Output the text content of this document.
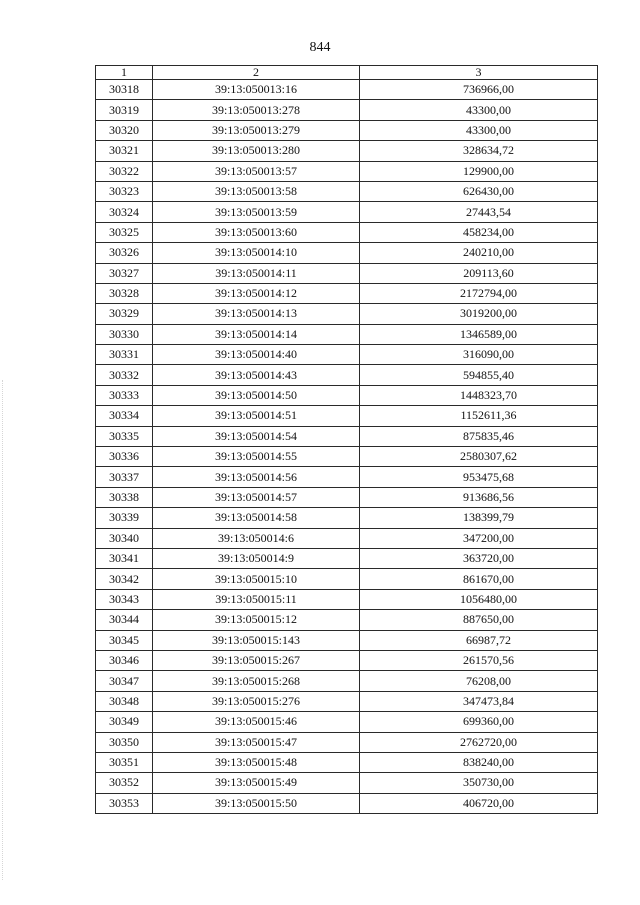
844
1	2	3
30318	39:13:050013:16	736966,00
30319	39:13:050013:278	43300,00
30320	39:13:050013:279	43300,00
30321	39:13:050013:280	328634,72
30322	39:13:050013:57	129900,00
30323	39:13:050013:58	626430,00
30324	39:13:050013:59	27443,54
30325	39:13:050013:60	458234,00
30326	39:13:050014:10	240210,00
30327	39:13:050014:11	209113,60
30328	39:13:050014:12	2172794,00
30329	39:13:050014:13	3019200,00
30330	39:13:050014:14	1346589,00
30331	39:13:050014:40	316090,00
30332	39:13:050014:43	594855,40
30333	39:13:050014:50	1448323,70
30334	39:13:050014:51	1152611,36
30335	39:13:050014:54	875835,46
30336	39:13:050014:55	2580307,62
30337	39:13:050014:56	953475,68
30338	39:13:050014:57	913686,56
30339	39:13:050014:58	138399,79
30340	39:13:050014:6	347200,00
30341	39:13:050014:9	363720,00
30342	39:13:050015:10	861670,00
30343	39:13:050015:11	1056480,00
30344	39:13:050015:12	887650,00
30345	39:13:050015:143	66987,72
30346	39:13:050015:267	261570,56
30347	39:13:050015:268	76208,00
30348	39:13:050015:276	347473,84
30349	39:13:050015:46	699360,00
30350	39:13:050015:47	2762720,00
30351	39:13:050015:48	838240,00
30352	39:13:050015:49	350730,00
30353	39:13:050015:50	406720,00
